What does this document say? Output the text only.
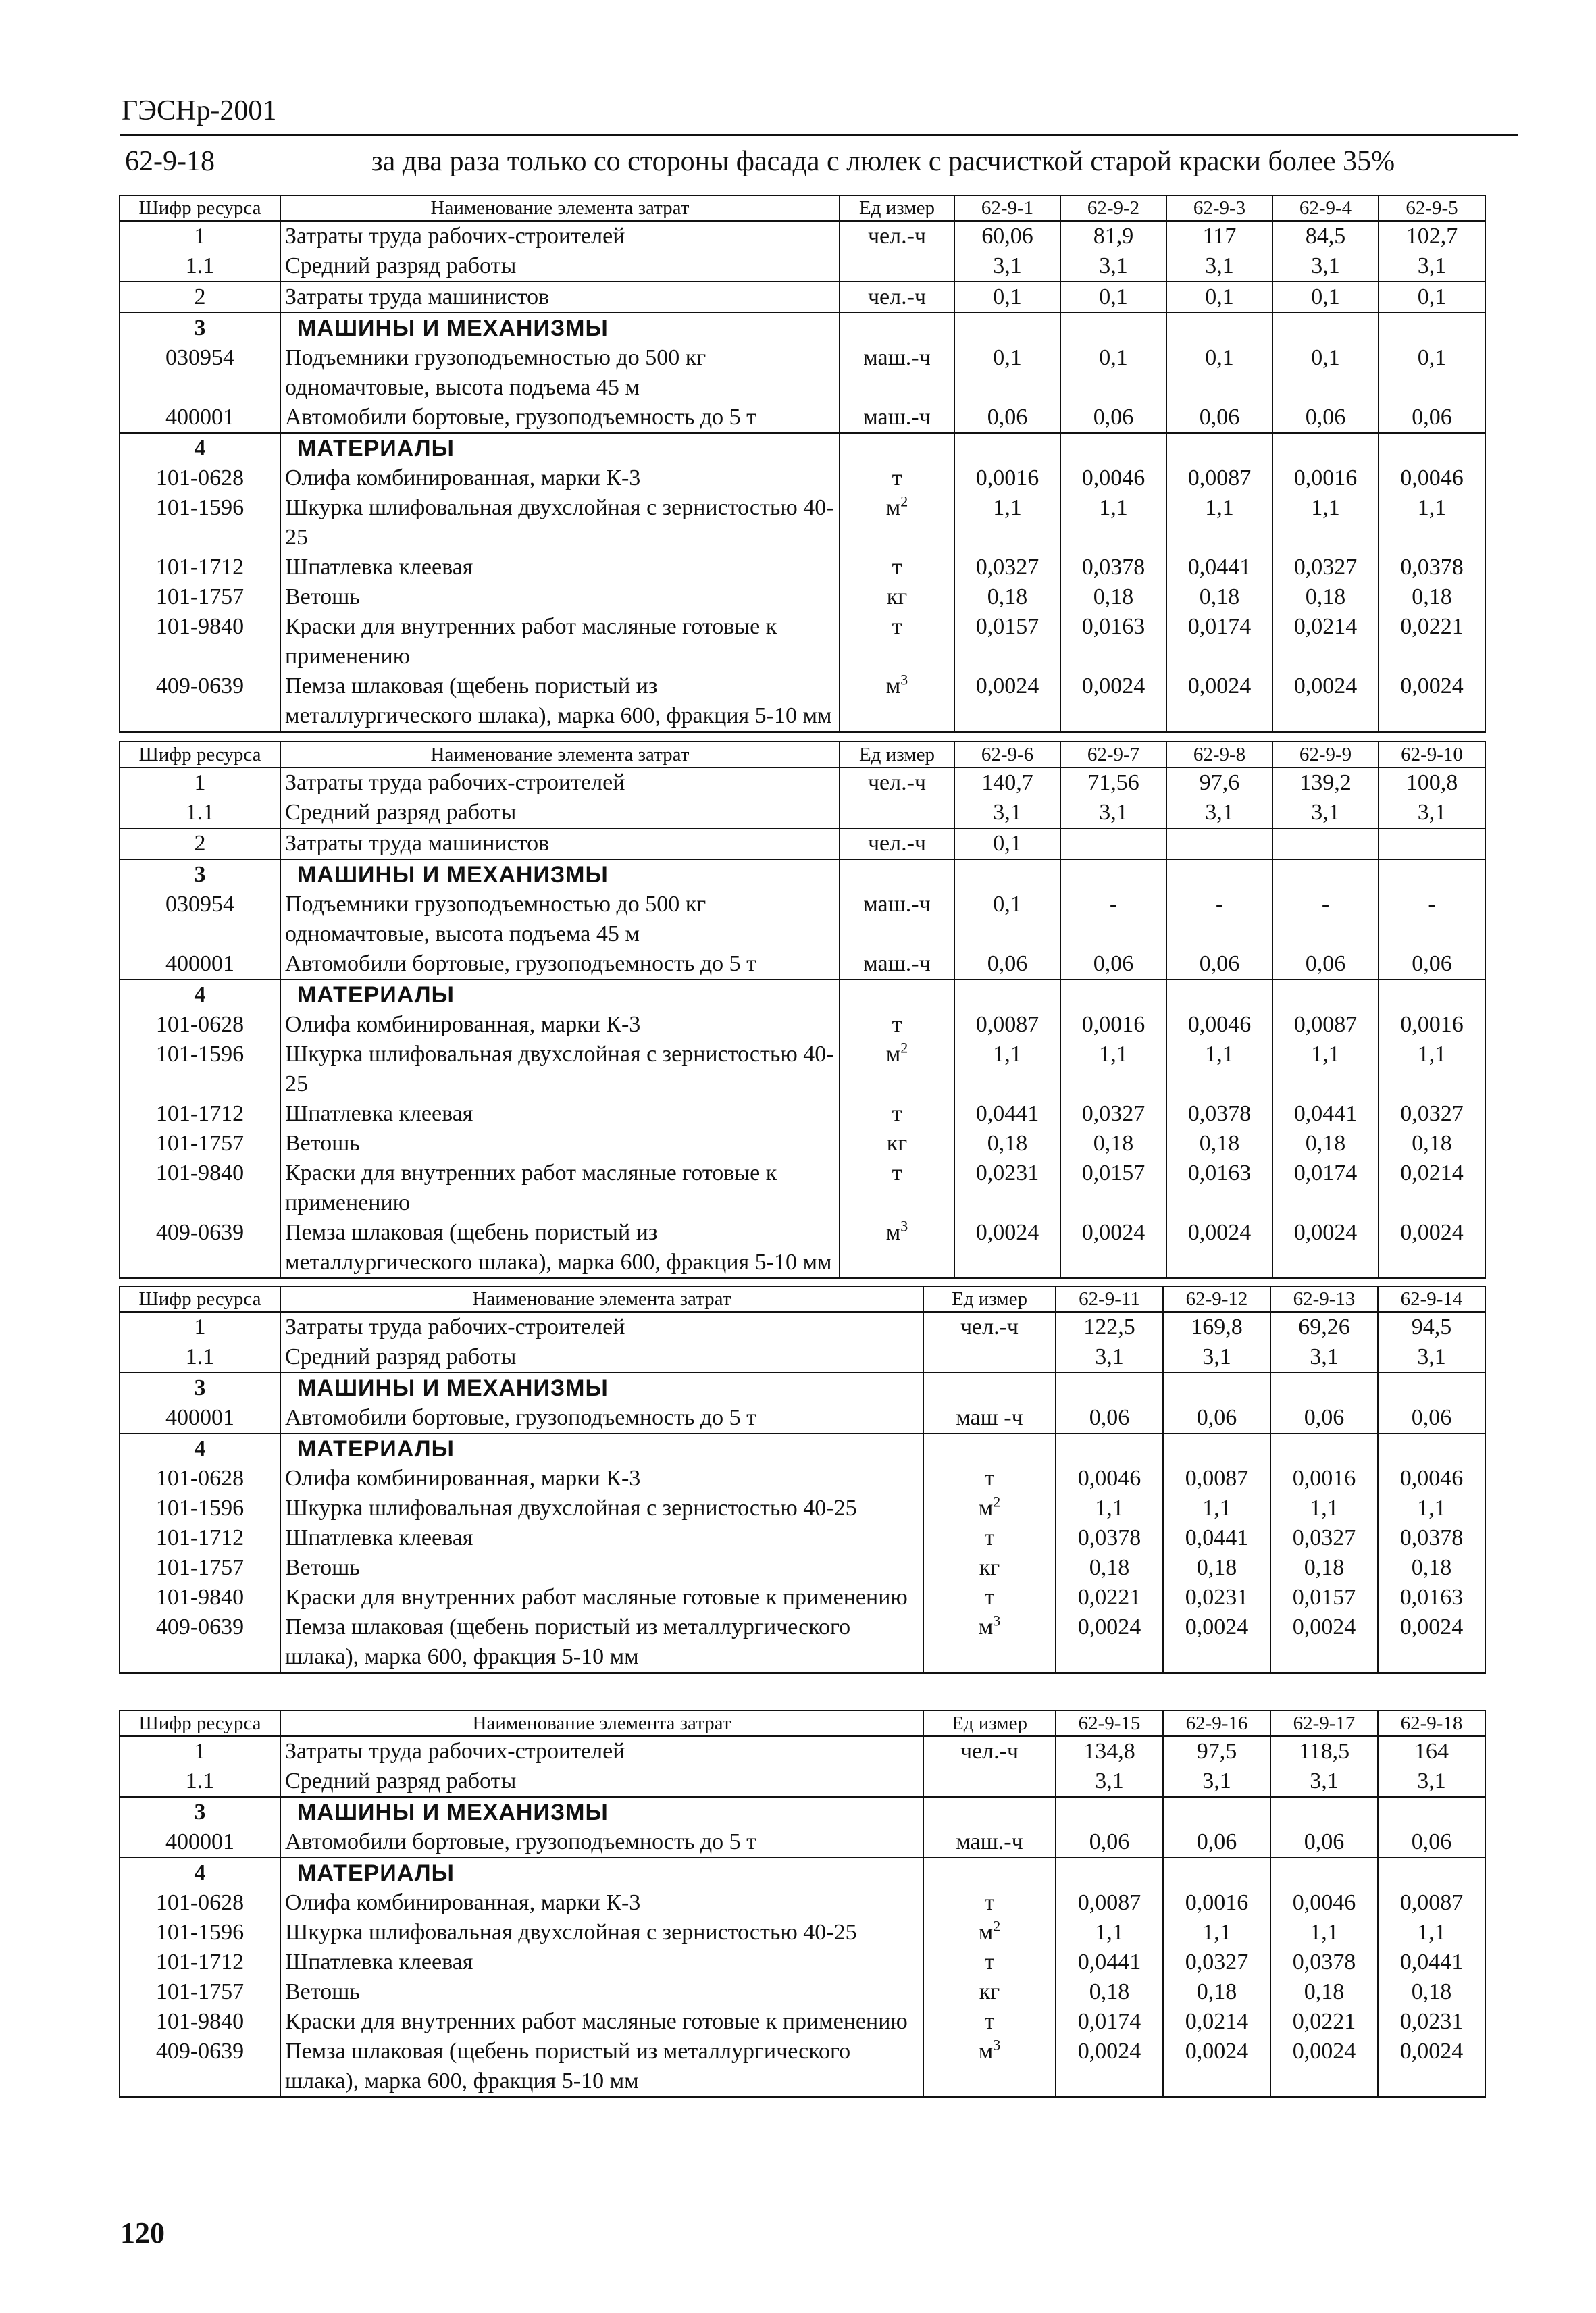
ГЭСНр-2001
62-9-18	за два раза только со стороны фасада с люлек с расчисткой старой краски более 35%
Шифр ресурса	Наименование элемента затрат	Ед измер	62-9-1	62-9-2	62-9-3	62-9-4	62-9-5
1	Затраты труда рабочих-строителей	чел.-ч	60,06	81,9	117	84,5	102,7
1.1	Средний разряд работы		3,1	3,1	3,1	3,1	3,1
2	Затраты труда машинистов	чел.-ч	0,1	0,1	0,1	0,1	0,1
3	МАШИНЫ И МЕХАНИЗМЫ						
030954	Подъемники грузоподъемностью до 500 кг одномачтовые, высота подъема 45 м	маш.-ч	0,1	0,1	0,1	0,1	0,1
400001	Автомобили бортовые, грузоподъемность до 5 т	маш.-ч	0,06	0,06	0,06	0,06	0,06
4	МАТЕРИАЛЫ						
101-0628	Олифа комбинированная, марки К-3	т	0,0016	0,0046	0,0087	0,0016	0,0046
101-1596	Шкурка шлифовальная двухслойная с зернистостью 40-25	$м^2$	1,1	1,1	1,1	1,1	1,1
101-1712	Шпатлевка клеевая	т	0,0327	0,0378	0,0441	0,0327	0,0378
101-1757	Ветошь	кг	0,18	0,18	0,18	0,18	0,18
101-9840	Краски для внутренних работ масляные готовые к применению	т	0,0157	0,0163	0,0174	0,0214	0,0221
409-0639	Пемза шлаковая (щебень пористый из металлургического шлака), марка 600, фракция 5-10 мм	$м^3$	0,0024	0,0024	0,0024	0,0024	0,0024
Шифр ресурса	Наименование элемента затрат	Ед измер	62-9-6	62-9-7	62-9-8	62-9-9	62-9-10
1	Затраты труда рабочих-строителей	чел.-ч	140,7	71,56	97,6	139,2	100,8
1.1	Средний разряд работы		3,1	3,1	3,1	3,1	3,1
2	Затраты труда машинистов	чел.-ч	0,1				
3	МАШИНЫ И МЕХАНИЗМЫ						
030954	Подъемники грузоподъемностью до 500 кг одномачтовые, высота подъема 45 м	маш.-ч	0,1	-	-	-	-
400001	Автомобили бортовые, грузоподъемность до 5 т	маш.-ч	0,06	0,06	0,06	0,06	0,06
4	МАТЕРИАЛЫ						
101-0628	Олифа комбинированная, марки К-3	т	0,0087	0,0016	0,0046	0,0087	0,0016
101-1596	Шкурка шлифовальная двухслойная с зернистостью 40-25	$м^2$	1,1	1,1	1,1	1,1	1,1
101-1712	Шпатлевка клеевая	т	0,0441	0,0327	0,0378	0,0441	0,0327
101-1757	Ветошь	кг	0,18	0,18	0,18	0,18	0,18
101-9840	Краски для внутренних работ масляные готовые к применению	т	0,0231	0,0157	0,0163	0,0174	0,0214
409-0639	Пемза шлаковая (щебень пористый из металлургического шлака), марка 600, фракция 5-10 мм	$м^3$	0,0024	0,0024	0,0024	0,0024	0,0024
Шифр ресурса	Наименование элемента затрат	Ед измер	62-9-11	62-9-12	62-9-13	62-9-14
1	Затраты труда рабочих-строителей	чел.-ч	122,5	169,8	69,26	94,5
1.1	Средний разряд работы		3,1	3,1	3,1	3,1
3	МАШИНЫ И МЕХАНИЗМЫ					
400001	Автомобили бортовые, грузоподъемность до 5 т	маш -ч	0,06	0,06	0,06	0,06
4	МАТЕРИАЛЫ					
101-0628	Олифа комбинированная, марки К-3	т	0,0046	0,0087	0,0016	0,0046
101-1596	Шкурка шлифовальная двухслойная с зернистостью 40-25	$м^2$	1,1	1,1	1,1	1,1
101-1712	Шпатлевка клеевая	т	0,0378	0,0441	0,0327	0,0378
101-1757	Ветошь	кг	0,18	0,18	0,18	0,18
101-9840	Краски для внутренних работ масляные готовые к применению	т	0,0221	0,0231	0,0157	0,0163
409-0639	Пемза шлаковая (щебень пористый из металлургического шлака), марка 600, фракция 5-10 мм	$м^3$	0,0024	0,0024	0,0024	0,0024
Шифр ресурса	Наименование элемента затрат	Ед измер	62-9-15	62-9-16	62-9-17	62-9-18
1	Затраты труда рабочих-строителей	чел.-ч	134,8	97,5	118,5	164
1.1	Средний разряд работы		3,1	3,1	3,1	3,1
3	МАШИНЫ И МЕХАНИЗМЫ					
400001	Автомобили бортовые, грузоподъемность до 5 т	маш.-ч	0,06	0,06	0,06	0,06
4	МАТЕРИАЛЫ					
101-0628	Олифа комбинированная, марки К-3	т	0,0087	0,0016	0,0046	0,0087
101-1596	Шкурка шлифовальная двухслойная с зернистостью 40-25	$м^2$	1,1	1,1	1,1	1,1
101-1712	Шпатлевка клеевая	т	0,0441	0,0327	0,0378	0,0441
101-1757	Ветошь	кг	0,18	0,18	0,18	0,18
101-9840	Краски для внутренних работ масляные готовые к применению	т	0,0174	0,0214	0,0221	0,0231
409-0639	Пемза шлаковая (щебень пористый из металлургического шлака), марка 600, фракция 5-10 мм	$м^3$	0,0024	0,0024	0,0024	0,0024
120
